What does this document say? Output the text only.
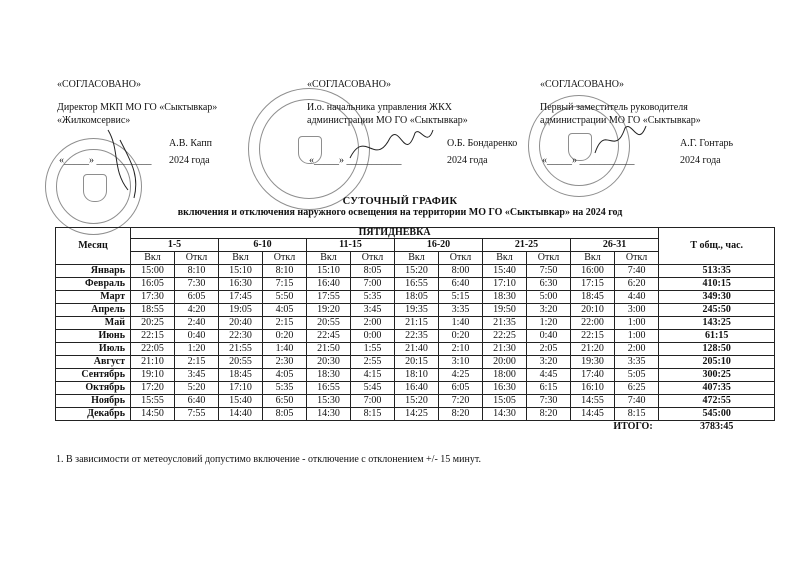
«СОГЛАСОВАНО»
Директор МКП МО ГО «Сыктывкар»
«Жилкомсервис»
А.В. Капп
«_____» ___________ 2024 года
«СОГЛАСОВАНО»
И.о. начальника управления ЖКХ
администрации МО ГО «Сыктывкар»
О.Б. Бондаренко
«_____» ___________	2024 года
«СОГЛАСОВАНО»
Первый заместитель руководителя
администрации МО ГО «Сыктывкар»
А.Г. Гонтарь
«_____» ___________	2024 года
СУТОЧНЫЙ ГРАФИК
включения и отключения наружного освещения на территории МО ГО «Сыктывкар» на 2024 год
Месяц	ПЯТИДНЕВКА												Т общ., час.
	1-5		6-10		11-15		16-20		21-25		26-31		
	Вкл	Откл	Вкл	Откл	Вкл	Откл	Вкл	Откл	Вкл	Откл	Вкл	Откл	
Январь	15:00	8:10	15:10	8:10	15:10	8:05	15:20	8:00	15:40	7:50	16:00	7:40	513:35
Февраль	16:05	7:30	16:30	7:15	16:40	7:00	16:55	6:40	17:10	6:30	17:15	6:20	410:15
Март	17:30	6:05	17:45	5:50	17:55	5:35	18:05	5:15	18:30	5:00	18:45	4:40	349:30
Апрель	18:55	4:20	19:05	4:05	19:20	3:45	19:35	3:35	19:50	3:20	20:10	3:00	245:50
Май	20:25	2:40	20:40	2:15	20:55	2:00	21:15	1:40	21:35	1:20	22:00	1:00	143:25
Июнь	22:15	0:40	22:30	0:20	22:45	0:00	22:35	0:20	22:25	0:40	22:15	1:00	61:15
Июль	22:05	1:20	21:55	1:40	21:50	1:55	21:40	2:10	21:30	2:05	21:20	2:00	128:50
Август	21:10	2:15	20:55	2:30	20:30	2:55	20:15	3:10	20:00	3:20	19:30	3:35	205:10
Сентябрь	19:10	3:45	18:45	4:05	18:30	4:15	18:10	4:25	18:00	4:45	17:40	5:05	300:25
Октябрь	17:20	5:20	17:10	5:35	16:55	5:45	16:40	6:05	16:30	6:15	16:10	6:25	407:35
Ноябрь	15:55	6:40	15:40	6:50	15:30	7:00	15:20	7:20	15:05	7:30	14:55	7:40	472:55
Декабрь	14:50	7:55	14:40	8:05	14:30	8:15	14:25	8:20	14:30	8:20	14:45	8:15	545:00
ИТОГО:													3783:45
1. В зависимости от метеоусловий допустимо включение - отключение с отклонением +/- 15 минут.
